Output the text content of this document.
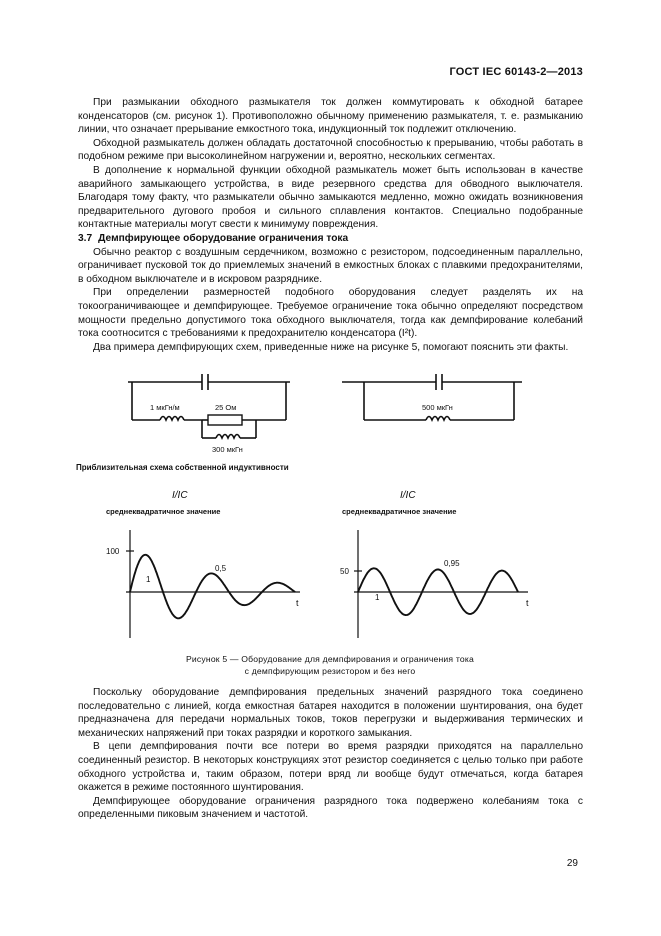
ГОСТ IEC 60143-2—2013

При размыкании обходного размыкателя ток должен коммутировать к обходной батарее конденсаторов (см. рисунок 1). Противоположно обычному применению размыкателя, т. е. размыканию линии, что означает прерывание емкостного тока, индукционный ток подлежит отключению.

Обходной размыкатель должен обладать достаточной способностью к прерыванию, чтобы работать в подобном режиме при высоколинейном нагружении и, вероятно, нескольких сегментах.

В дополнение к нормальной функции обходной размыкатель может быть использован в качестве аварийного замыкающего устройства, в виде резервного средства для обводного выключателя. Благодаря тому факту, что размыкатели обычно замыкаются медленно, можно ожидать возникновения предварительного дугового пробоя и сильного сплавления контактов. Специально подобранные контактные материалы могут свести к минимуму повреждения.

3.7 Демпфирующее оборудование ограничения тока

Обычно реактор с воздушным сердечником, возможно с резистором, подсоединенным параллельно, ограничивает пусковой ток до приемлемых значений в емкостных блоках с плавкими предохранителями, в обходном выключателе и в искровом разряднике.

При определении размерностей подобного оборудования следует разделять их на токоограничивающее и демпфирующее. Требуемое ограничение тока обычно определяют посредством мощности предельно допустимого тока обходного выключателя, тогда как демпфирование колебаний тока соотносится с требованиями к предохранителю конденсатора (I²t).

Два примера демпфирующих схем, приведенные ниже на рисунке 5, помогают пояснить эти факты.

1 мкГн/м	25 Ом
300 мкГн
500 мкГн
Приблизительная схема собственной индуктивности
I/IC
среднеквадратичное значение
100
1
0,5
t
I/IC
среднеквадратичное значение
50
1
0,95
t
Рисунок 5 — Оборудование для демпфирования и ограничения тока
с демпфирующим резистором и без него

Поскольку оборудование демпфирования предельных значений разрядного тока соединено последовательно с линией, когда емкостная батарея находится в положении шунтирования, она будет предназначена для передачи нормальных токов, токов перегрузки и выдерживания термических и механических напряжений при токах разрядки и короткого замыкания.

В цепи демпфирования почти все потери во время разрядки приходятся на параллельно соединенный резистор. В некоторых конструкциях этот резистор соединяется с целью только при работе обходного устройства и, таким образом, потери вряд ли вообще будут отмечаться, когда батарея окажется в режиме постоянного шунтирования.

Демпфирующее оборудование ограничения разрядного тока подвержено колебаниям тока с определенными пиковым значением и частотой.

29
